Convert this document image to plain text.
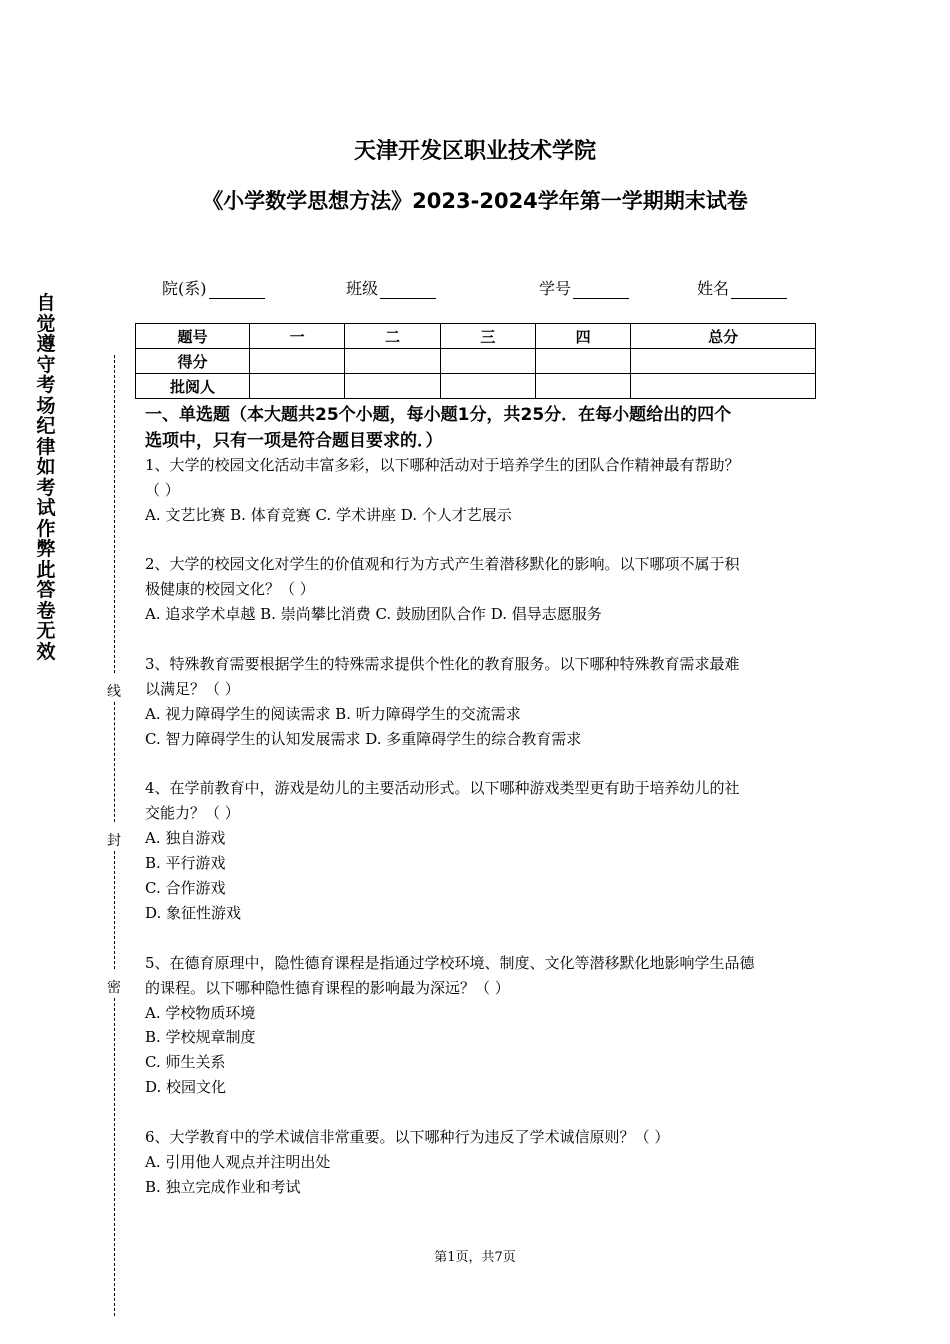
天津开发区职业技术学院
《小学数学思想方法》2023-2024学年第一学期期末试卷
院(系)	班级	学号	姓名
题号	一	二	三	四	总分
得分					
批阅人					
自觉遵守考场纪律如考试作弊此答卷无效
线
封
密
一、单选题（本大题共25个小题，每小题1分，共25分．在每小题给出的四个
选项中，只有一项是符合题目要求的．）
1、大学的校园文化活动丰富多彩，以下哪种活动对于培养学生的团队合作精神最有帮助？
（ ）
A. 文艺比赛 B. 体育竞赛 C. 学术讲座 D. 个人才艺展示
2、大学的校园文化对学生的价值观和行为方式产生着潜移默化的影响。以下哪项不属于积
极健康的校园文化？（ ）
A. 追求学术卓越 B. 崇尚攀比消费 C. 鼓励团队合作 D. 倡导志愿服务
3、特殊教育需要根据学生的特殊需求提供个性化的教育服务。以下哪种特殊教育需求最难
以满足？（ ）
A. 视力障碍学生的阅读需求 B. 听力障碍学生的交流需求
C. 智力障碍学生的认知发展需求 D. 多重障碍学生的综合教育需求
4、在学前教育中，游戏是幼儿的主要活动形式。以下哪种游戏类型更有助于培养幼儿的社
交能力？（ ）
A. 独自游戏
B. 平行游戏
C. 合作游戏
D. 象征性游戏
5、在德育原理中，隐性德育课程是指通过学校环境、制度、文化等潜移默化地影响学生品德
的课程。以下哪种隐性德育课程的影响最为深远？（ ）
A. 学校物质环境
B. 学校规章制度
C. 师生关系
D. 校园文化
6、大学教育中的学术诚信非常重要。以下哪种行为违反了学术诚信原则？（ ）
A. 引用他人观点并注明出处
B. 独立完成作业和考试
第1页，共7页
